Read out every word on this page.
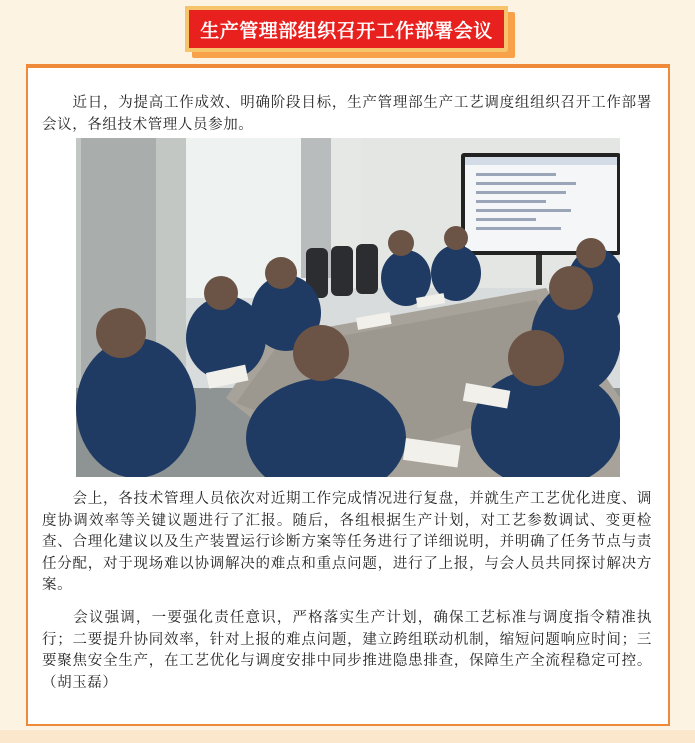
生产管理部组织召开工作部署会议
　　近日，为提高工作成效、明确阶段目标，生产管理部生产工艺调度组组织召开工作部署会议，各组技术管理人员参加。
　　会上，各技术管理人员依次对近期工作完成情况进行复盘，并就生产工艺优化进度、调度协调效率等关键议题进行了汇报。随后，各组根据生产计划，对工艺参数调试、变更检查、合理化建议以及生产装置运行诊断方案等任务进行了详细说明，并明确了任务节点与责任分配，对于现场难以协调解决的难点和重点问题，进行了上报，与会人员共同探讨解决方案。
　　会议强调，一要强化责任意识，严格落实生产计划，确保工艺标准与调度指令精准执行；二要提升协同效率，针对上报的难点问题，建立跨组联动机制，缩短问题响应时间；三要聚焦安全生产，在工艺优化与调度安排中同步推进隐患排查，保障生产全流程稳定可控。（胡玉磊）
